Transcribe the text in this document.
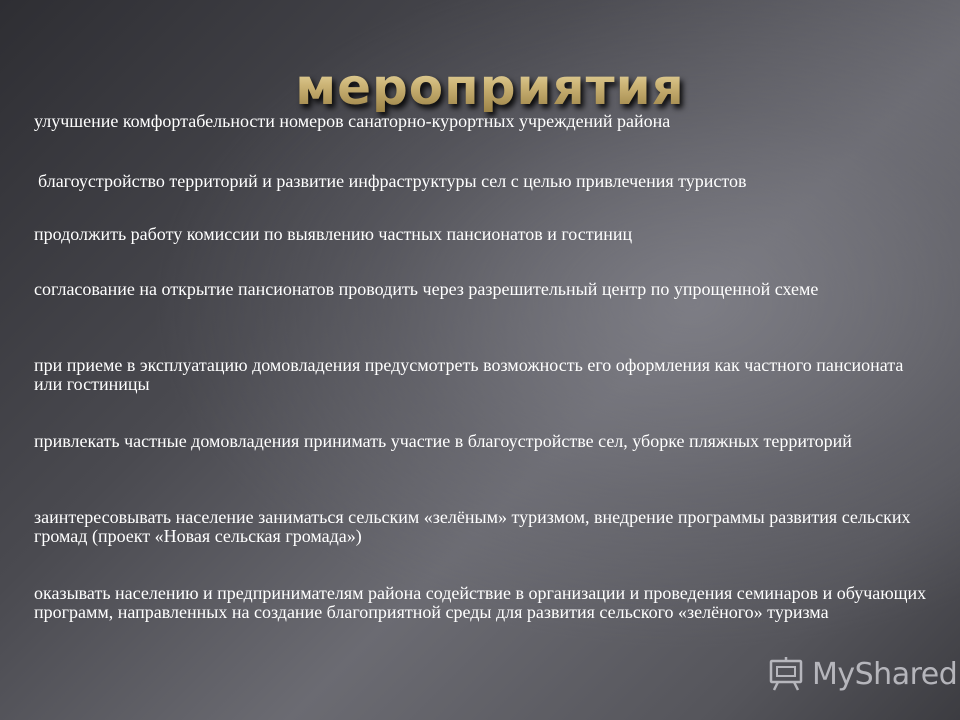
мероприятия
улучшение комфортабельности номеров санаторно-курортных учреждений района
благоустройство территорий и развитие инфраструктуры сел с целью привлечения туристов
продолжить работу комиссии по выявлению частных пансионатов и гостиниц
согласование на открытие пансионатов проводить через разрешительный центр по упрощенной схеме
при приеме в эксплуатацию домовладения предусмотреть возможность его оформления как частного пансионата или гостиницы
привлекать частные домовладения принимать участие в благоустройстве сел, уборке пляжных территорий
заинтересовывать население заниматься сельским «зелёным» туризмом, внедрение программы развития сельских громад (проект «Новая сельская громада»)
оказывать населению и предпринимателям района содействие в организации и проведения семинаров и обучающих программ, направленных на создание благоприятной среды для развития сельского «зелёного» туризма
MyShared
